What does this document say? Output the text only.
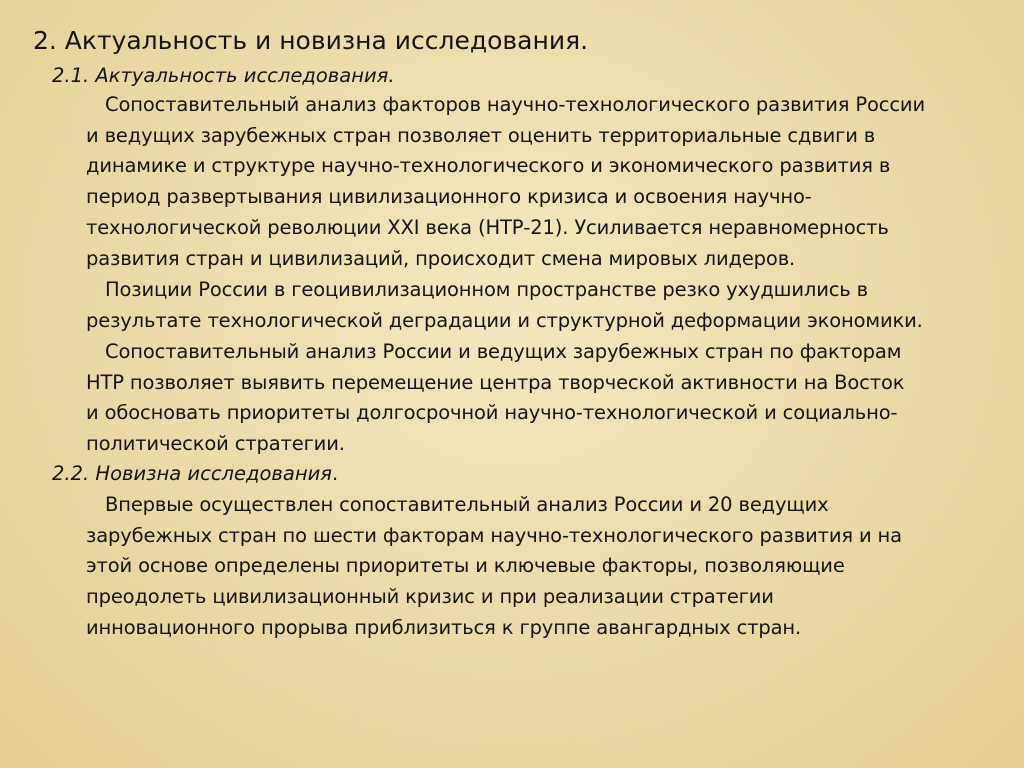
2. Актуальность и новизна исследования.
2.1. Актуальность исследования.

Сопоставительный анализ факторов научно-технологического развития России
и ведущих зарубежных стран позволяет оценить территориальные сдвиги в
динамике и структуре научно-технологического и экономического развития в
период развертывания цивилизационного кризиса и освоения научно-
технологической революции XXI века (НТР-21). Усиливается неравномерность
развития стран и цивилизаций, происходит смена мировых лидеров.

Позиции России в геоцивилизационном пространстве резко ухудшились в
результате технологической деградации и структурной деформации экономики.

Сопоставительный анализ России и ведущих зарубежных стран по факторам
НТР позволяет выявить перемещение центра творческой активности на Восток
и обосновать приоритеты долгосрочной научно-технологической и социально-
политической стратегии.

2.2. Новизна исследования.

Впервые осуществлен сопоставительный анализ России и 20 ведущих
зарубежных стран по шести факторам научно-технологического развития и на
этой основе определены приоритеты и ключевые факторы, позволяющие
преодолеть цивилизационный кризис и при реализации стратегии
инновационного прорыва приблизиться к группе авангардных стран.
